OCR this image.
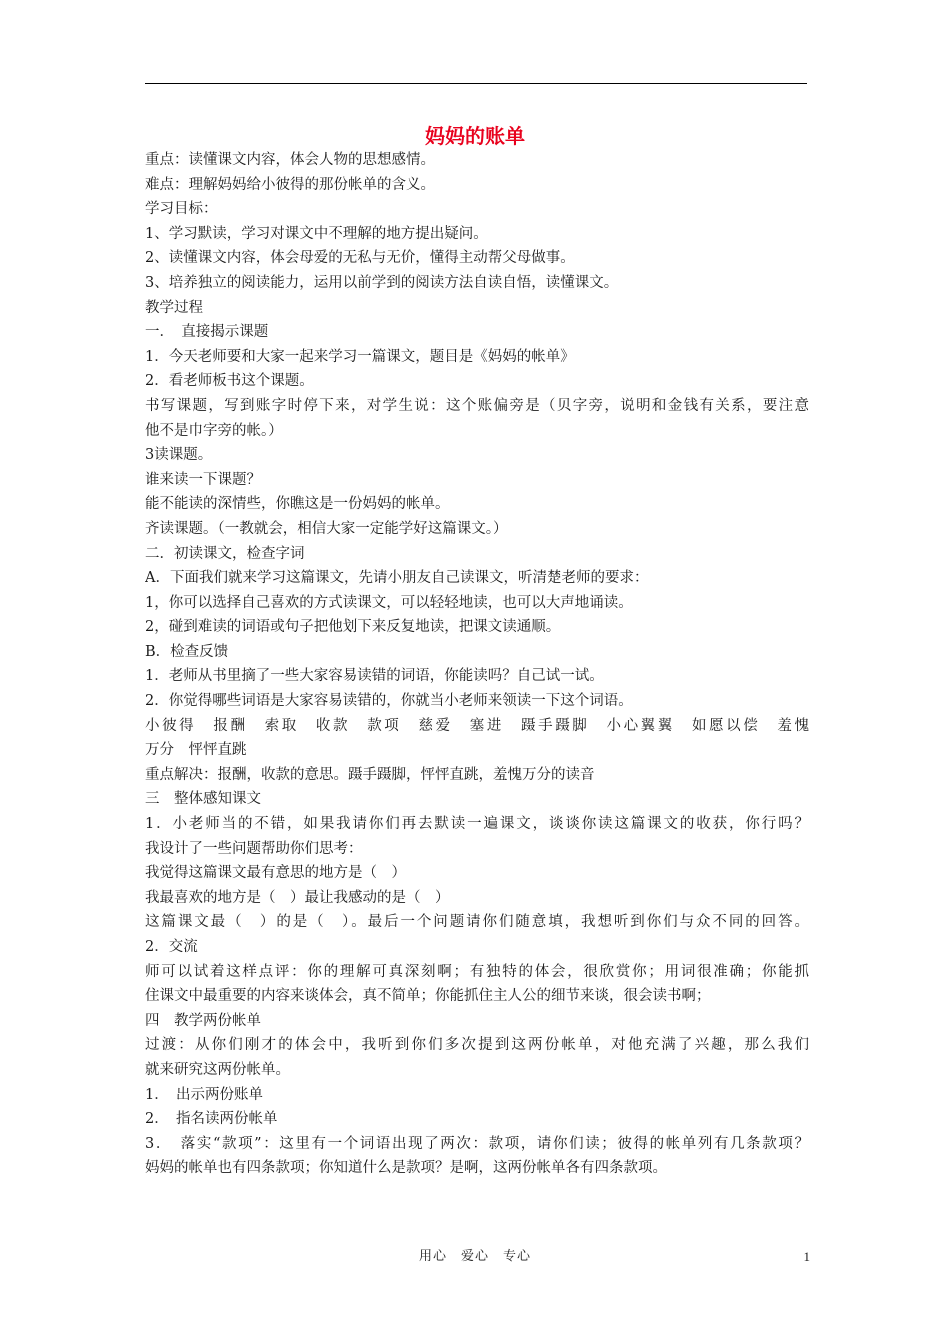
妈妈的账单
重点：读懂课文内容，体会人物的思想感情。
难点：理解妈妈给小彼得的那份帐单的含义。
学习目标：
1、学习默读，学习对课文中不理解的地方提出疑问。
2、读懂课文内容，体会母爱的无私与无价，懂得主动帮父母做事。
3、培养独立的阅读能力，运用以前学到的阅读方法自读自悟，读懂课文。
教学过程
一．　直接揭示课题
1．今天老师要和大家一起来学习一篇课文，题目是《妈妈的帐单》
2．看老师板书这个课题。
书写课题，写到账字时停下来，对学生说：这个账偏旁是（贝字旁，说明和金钱有关系，要注意
他不是巾字旁的帐。）
3读课题。
谁来读一下课题？
能不能读的深情些，你瞧这是一份妈妈的帐单。
齐读课题。（一教就会，相信大家一定能学好这篇课文。）
二．初读课文，检查字词
A．下面我们就来学习这篇课文，先请小朋友自己读课文，听清楚老师的要求：
1，你可以选择自己喜欢的方式读课文，可以轻轻地读，也可以大声地诵读。
2，碰到难读的词语或句子把他划下来反复地读，把课文读通顺。
B．检查反馈
1．老师从书里摘了一些大家容易读错的词语，你能读吗？自己试一试。
2．你觉得哪些词语是大家容易读错的，你就当小老师来领读一下这个词语。
小彼得　报酬　索取　收款　款项　慈爱　塞进　蹑手蹑脚　小心翼翼　如愿以偿　羞愧
万分　怦怦直跳
重点解决：报酬，收款的意思。蹑手蹑脚，怦怦直跳，羞愧万分的读音
三　整体感知课文
1．小老师当的不错，如果我请你们再去默读一遍课文，谈谈你读这篇课文的收获，你行吗？
我设计了一些问题帮助你们思考：
我觉得这篇课文最有意思的地方是（　）
我最喜欢的地方是（　）最让我感动的是（　）
这篇课文最（　）的是（　）。最后一个问题请你们随意填，我想听到你们与众不同的回答。
2．交流
师可以试着这样点评：你的理解可真深刻啊；有独特的体会，很欣赏你；用词很准确；你能抓
住课文中最重要的内容来谈体会，真不简单；你能抓住主人公的细节来谈，很会读书啊；
四　教学两份帐单
过渡：从你们刚才的体会中，我听到你们多次提到这两份帐单，对他充满了兴趣，那么我们
就来研究这两份帐单。
1．　出示两份账单
2．　指名读两份帐单
3．　落实“款项”：这里有一个词语出现了两次：款项，请你们读；彼得的帐单列有几条款项？
妈妈的帐单也有四条款项；你知道什么是款项？是啊，这两份帐单各有四条款项。
用心　爱心　专心	1
